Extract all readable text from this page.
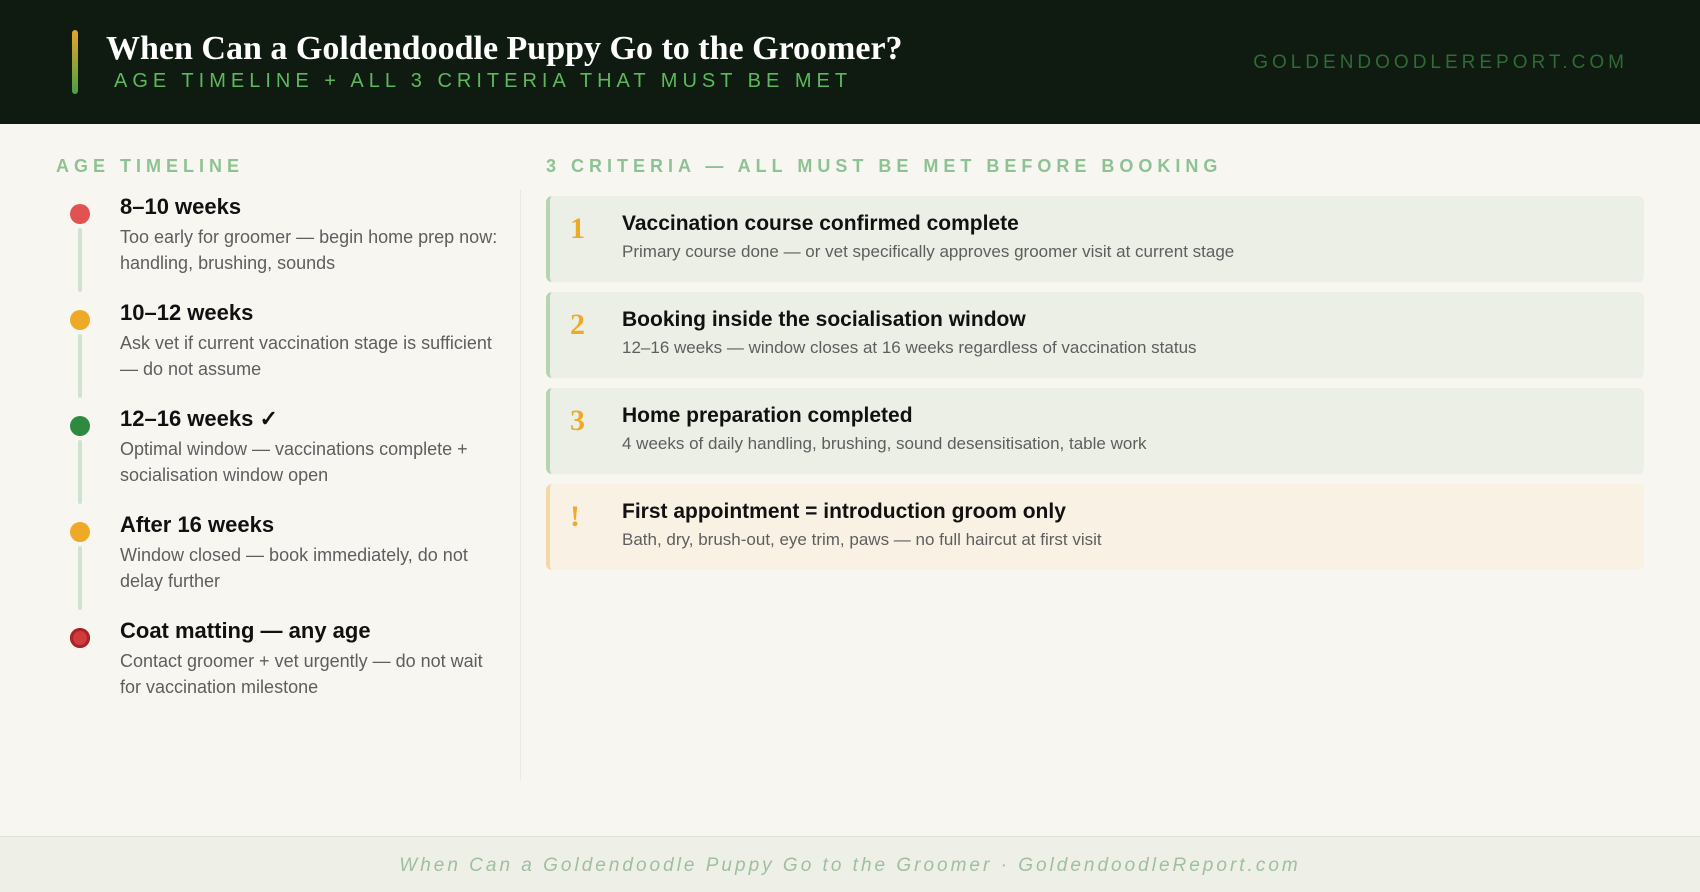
When Can a Goldendoodle Puppy Go to the Groomer?
AGE TIMELINE + ALL 3 CRITERIA THAT MUST BE MET
GOLDENDOODLEREPORT.COM
AGE TIMELINE	3 CRITERIA — ALL MUST BE MET BEFORE BOOKING
8–10 weeks
Too early for groomer — begin home prep now: handling, brushing, sounds
10–12 weeks
Ask vet if current vaccination stage is sufficient — do not assume
12–16 weeks ✓
Optimal window — vaccinations complete + socialisation window open
After 16 weeks
Window closed — book immediately, do not delay further
Coat matting — any age
Contact groomer + vet urgently — do not wait for vaccination milestone
1 Vaccination course confirmed complete
Primary course done — or vet specifically approves groomer visit at current stage
2 Booking inside the socialisation window
12–16 weeks — window closes at 16 weeks regardless of vaccination status
3 Home preparation completed
4 weeks of daily handling, brushing, sound desensitisation, table work
! First appointment = introduction groom only
Bath, dry, brush-out, eye trim, paws — no full haircut at first visit
When Can a Goldendoodle Puppy Go to the Groomer · GoldendoodleReport.com
